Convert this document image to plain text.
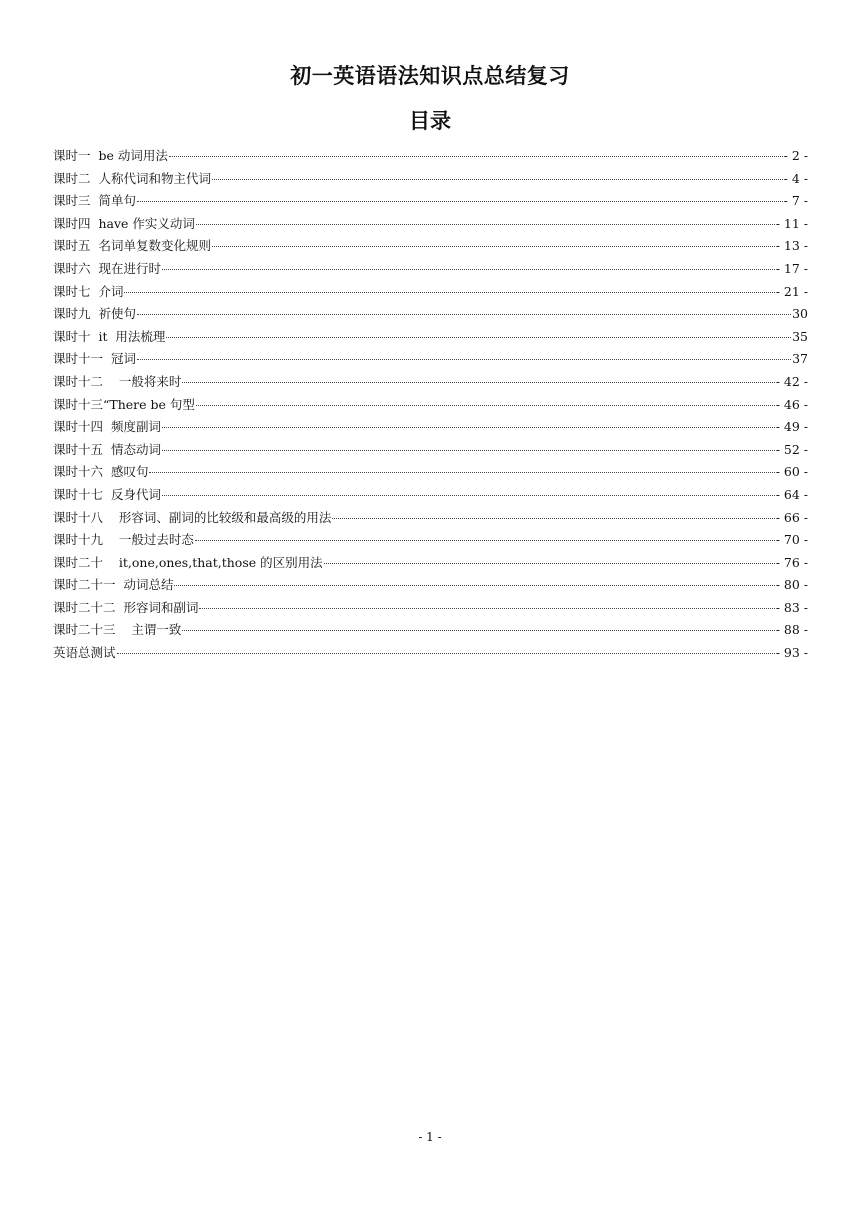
初一英语语法知识点总结复习
目录
课时一  be 动词用法	- 2 -
课时二  人称代词和物主代词	- 4 -
课时三  简单句	- 7 -
课时四  have 作实义动词	- 11 -
课时五  名词单复数变化规则	- 13 -
课时六  现在进行时	- 17 -
课时七  介词	- 21 -
课时九  祈使句	30
课时十  it  用法梳理	35
课时十一  冠词	37
课时十二    一般将来时	- 42 -
课时十三“There be 句型	- 46 -
课时十四  频度副词	- 49 -
课时十五  情态动词	- 52 -
课时十六  感叹句	- 60 -
课时十七  反身代词	- 64 -
课时十八    形容词、副词的比较级和最高级的用法	- 66 -
课时十九    一般过去时态	- 70 -
课时二十    it,one,ones,that,those 的区别用法	- 76 -
课时二十一  动词总结	- 80 -
课时二十二  形容词和副词	- 83 -
课时二十三    主谓一致	- 88 -
英语总测试	- 93 -
- 1 -
